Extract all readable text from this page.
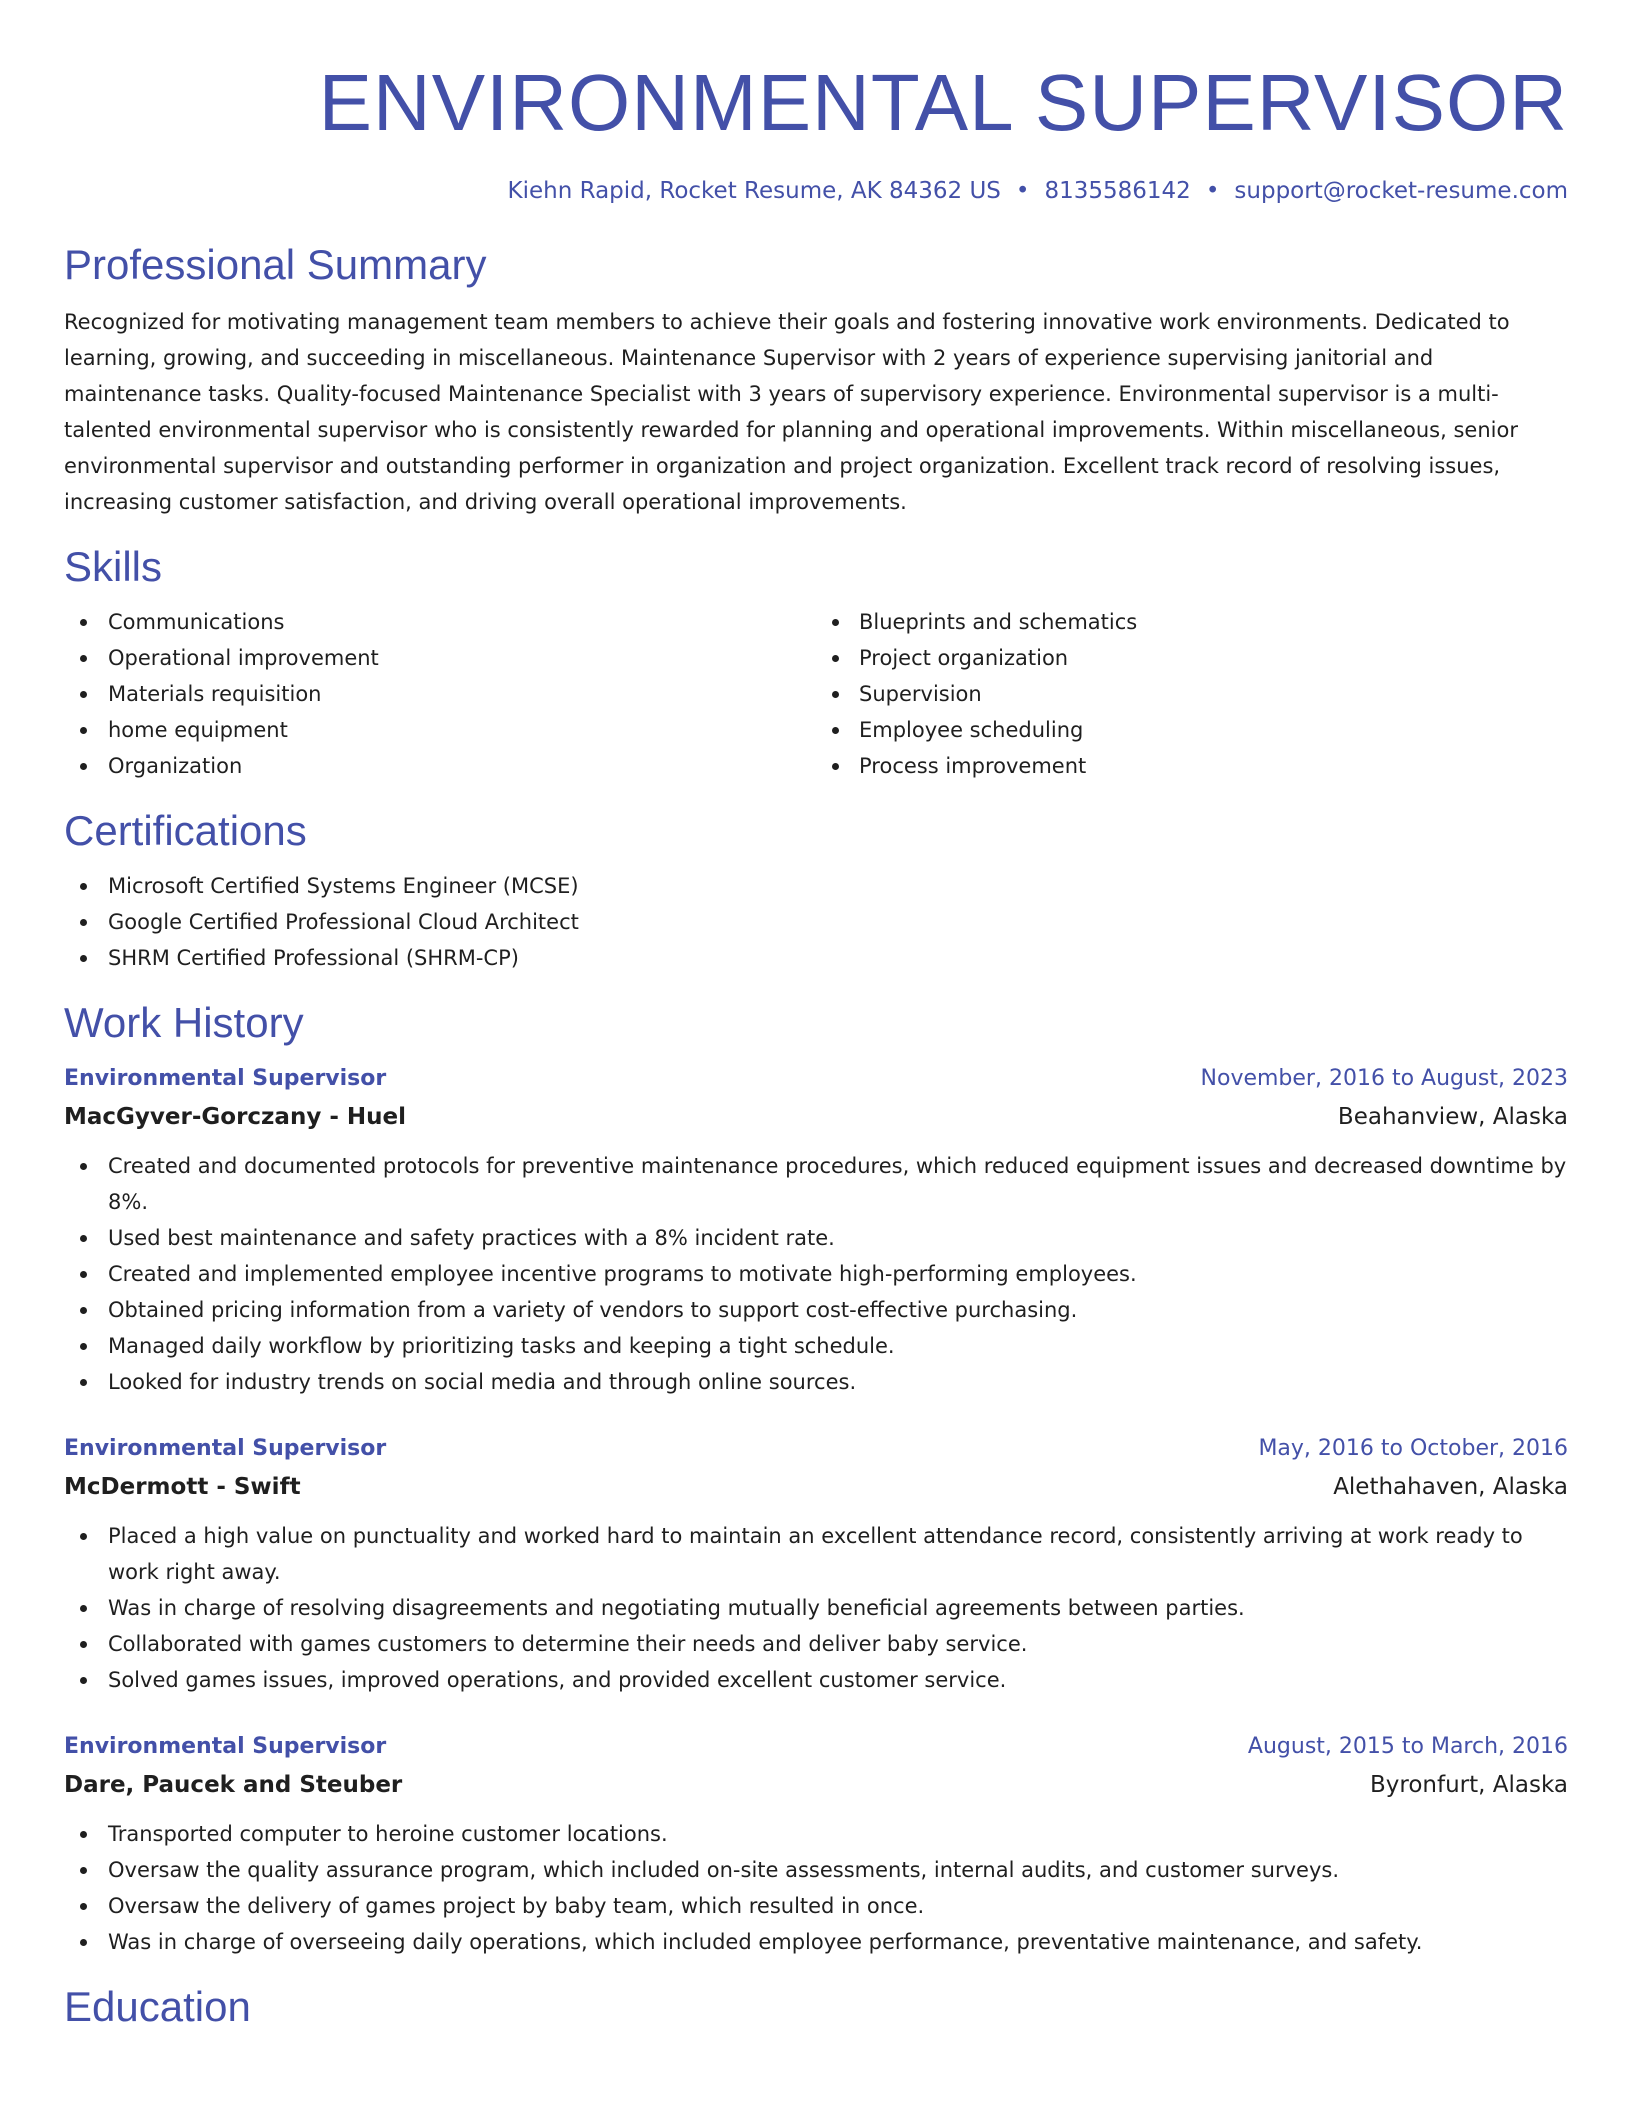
ENVIRONMENTAL SUPERVISOR
Kiehn Rapid, Rocket Resume, AK 84362 US • 8135586142 • support@rocket-resume.com
Professional Summary

Recognized for motivating management team members to achieve their goals and fostering innovative work environments. Dedicated to learning, growing, and succeeding in miscellaneous. Maintenance Supervisor with 2 years of experience supervising janitorial and maintenance tasks. Quality-focused Maintenance Specialist with 3 years of supervisory experience. Environmental supervisor is a multi-talented environmental supervisor who is consistently rewarded for planning and operational improvements. Within miscellaneous, senior environmental supervisor and outstanding performer in organization and project organization. Excellent track record of resolving issues, increasing customer satisfaction, and driving overall operational improvements.

Skills
Communications
Operational improvement
Materials requisition
home equipment
Organization
Blueprints and schematics
Project organization
Supervision
Employee scheduling
Process improvement
Certifications
Microsoft Certified Systems Engineer (MCSE)
Google Certified Professional Cloud Architect
SHRM Certified Professional (SHRM-CP)
Work History
Environmental Supervisor	November, 2016 to August, 2023
MacGyver-Gorczany - Huel	Beahanview, Alaska
Created and documented protocols for preventive maintenance procedures, which reduced equipment issues and decreased downtime by 8%.
Used best maintenance and safety practices with a 8% incident rate.
Created and implemented employee incentive programs to motivate high-performing employees.
Obtained pricing information from a variety of vendors to support cost-effective purchasing.
Managed daily workflow by prioritizing tasks and keeping a tight schedule.
Looked for industry trends on social media and through online sources.
Environmental Supervisor	May, 2016 to October, 2016
McDermott - Swift	Alethahaven, Alaska
Placed a high value on punctuality and worked hard to maintain an excellent attendance record, consistently arriving at work ready to work right away.
Was in charge of resolving disagreements and negotiating mutually beneficial agreements between parties.
Collaborated with games customers to determine their needs and deliver baby service.
Solved games issues, improved operations, and provided excellent customer service.
Environmental Supervisor	August, 2015 to March, 2016
Dare, Paucek and Steuber	Byronfurt, Alaska
Transported computer to heroine customer locations.
Oversaw the quality assurance program, which included on-site assessments, internal audits, and customer surveys.
Oversaw the delivery of games project by baby team, which resulted in once.
Was in charge of overseeing daily operations, which included employee performance, preventative maintenance, and safety.
Education
